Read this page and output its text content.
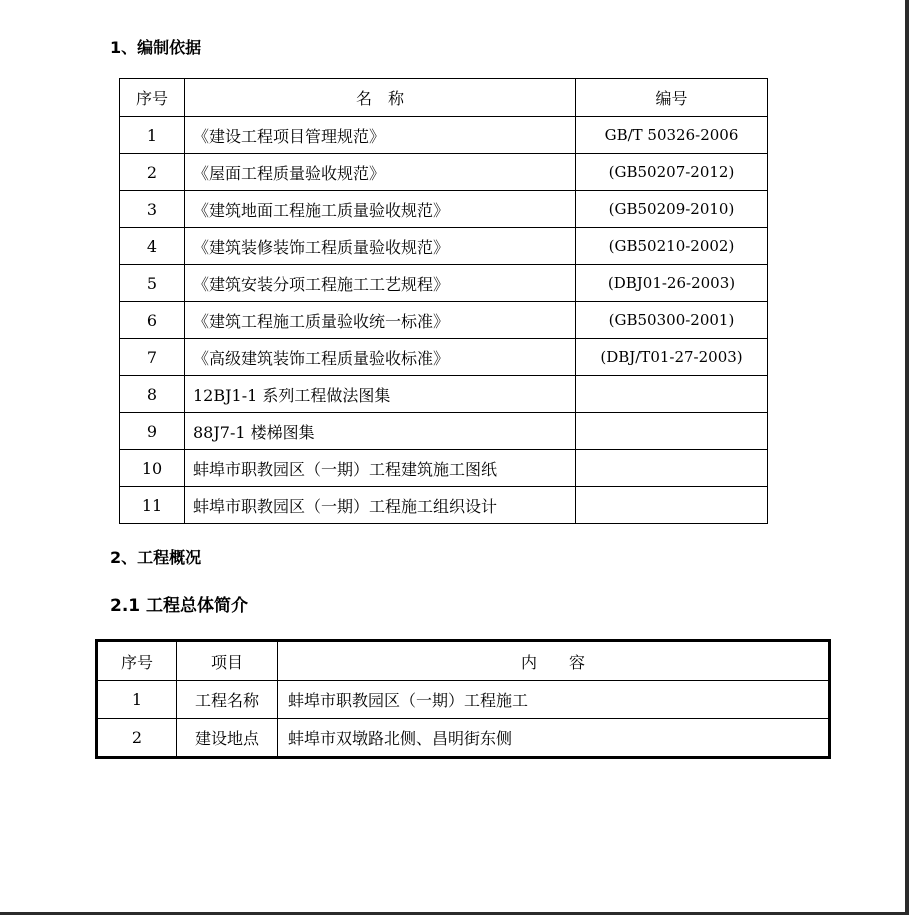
1、编制依据
序号	名　称	编号
1	《建设工程项目管理规范》	GB/T 50326-2006
2	《屋面工程质量验收规范》	(GB50207-2012)
3	《建筑地面工程施工质量验收规范》	(GB50209-2010)
4	《建筑装修装饰工程质量验收规范》	(GB50210-2002)
5	《建筑安装分项工程施工工艺规程》	(DBJ01-26-2003)
6	《建筑工程施工质量验收统一标准》	(GB50300-2001)
7	《高级建筑装饰工程质量验收标准》	(DBJ/T01-27-2003)
8	12BJ1-1 系列工程做法图集	
9	88J7-1 楼梯图集	
10	蚌埠市职教园区（一期）工程建筑施工图纸	
11	蚌埠市职教园区（一期）工程施工组织设计	
2、工程概况
2.1 工程总体简介
序号	项目	内　　容
1	工程名称	蚌埠市职教园区（一期）工程施工
2	建设地点	蚌埠市双墩路北侧、昌明街东侧
